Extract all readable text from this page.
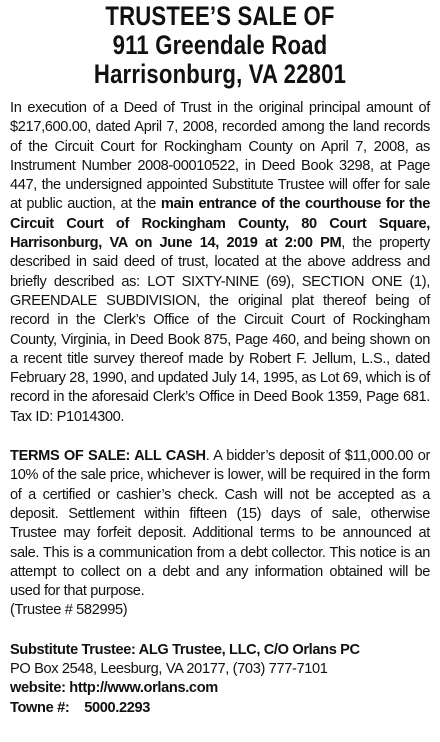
TRUSTEE’S SALE OF
911 Greendale Road
Harrisonburg, VA 22801
In execution of a Deed of Trust in the original principal amount of $217,600.00, dated April 7, 2008, recorded among the land records of the Circuit Court for Rockingham County on April 7, 2008, as Instrument Number 2008-00010522, in Deed Book 3298, at Page 447, the undersigned appointed Substitute Trustee will offer for sale at public auction, at the main entrance of the courthouse for the Circuit Court of Rockingham County, 80 Court Square, Harrisonburg, VA on June 14, 2019 at 2:00 PM, the property described in said deed of trust, located at the above address and briefly described as: LOT SIXTY-NINE (69), SECTION ONE (1), GREENDALE SUBDIVISION, the original plat thereof being of record in the Clerk’s Office of the Circuit Court of Rockingham County, Virginia, in Deed Book 875, Page 460, and being shown on a recent title survey thereof made by Robert F. Jellum, L.S., dated February 28, 1990, and updated July 14, 1995, as Lot 69, which is of record in the aforesaid Clerk’s Office in Deed Book 1359, Page 681. Tax ID: P1014300.
TERMS OF SALE: ALL CASH. A bidder’s deposit of $11,000.00 or 10% of the sale price, whichever is lower, will be required in the form of a certified or cashier’s check. Cash will not be accepted as a deposit. Settlement within fifteen (15) days of sale, otherwise Trustee may forfeit deposit. Additional terms to be announced at sale. This is a communication from a debt collector. This notice is an attempt to collect on a debt and any information obtained will be used for that purpose.
(Trustee # 582995)
Substitute Trustee: ALG Trustee, LLC, C/O Orlans PC
PO Box 2548, Leesburg, VA 20177, (703) 777-7101
website: http://www.orlans.com
Towne #: 5000.2293
